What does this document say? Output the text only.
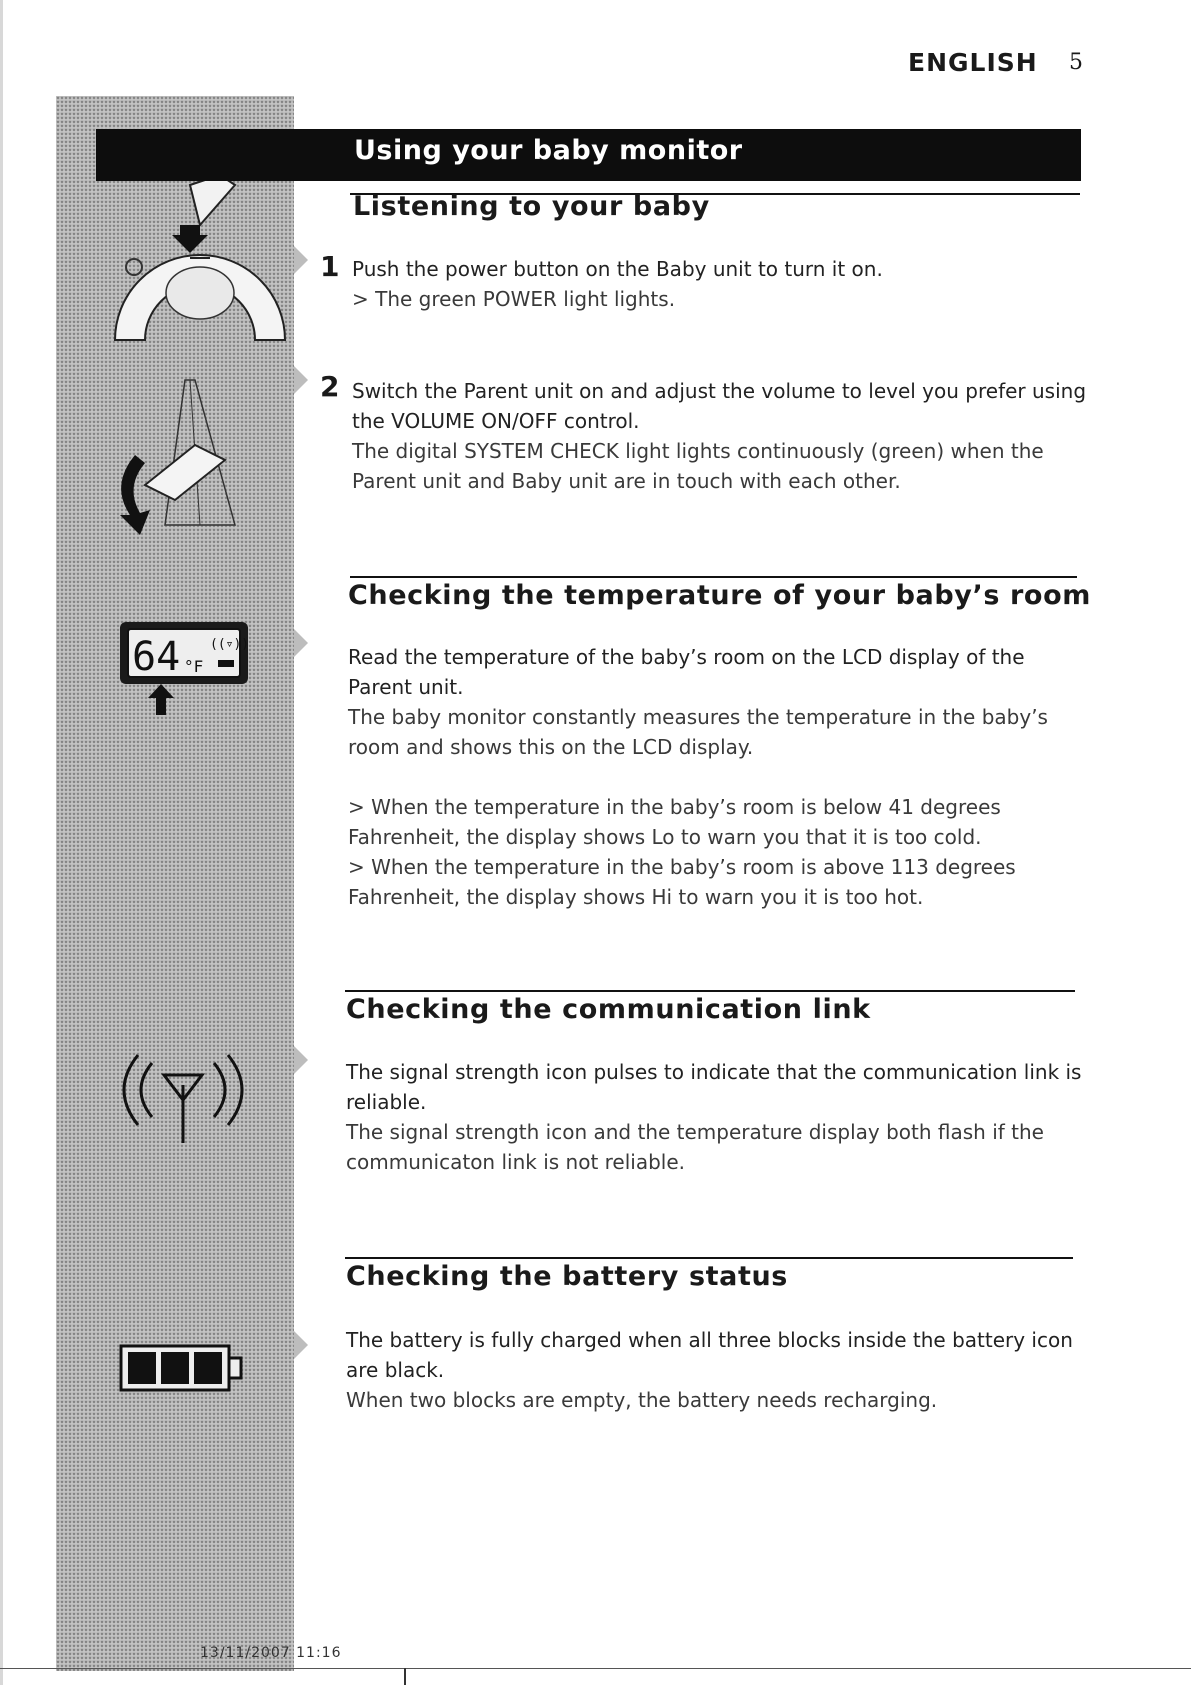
ENGLISH 5
64 °F
((▿))
Using your baby monitor
Listening to your baby
1 Push the power button on the Baby unit to turn it on.
> The green POWER light lights.
2 Switch the Parent unit on and adjust the volume to level you prefer using
the VOLUME ON/OFF control.
The digital SYSTEM CHECK light lights continuously (green) when the
Parent unit and Baby unit are in touch with each other.
Checking the temperature of your baby’s room
Read the temperature of the baby’s room on the LCD display of the
Parent unit.
The baby monitor constantly measures the temperature in the baby’s
room and shows this on the LCD display.
> When the temperature in the baby’s room is below 41 degrees
Fahrenheit, the display shows Lo to warn you that it is too cold.
> When the temperature in the baby’s room is above 113 degrees
Fahrenheit, the display shows Hi to warn you it is too hot.
Checking the communication link
The signal strength icon pulses to indicate that the communication link is
reliable.
The signal strength icon and the temperature display both flash if the
communicaton link is not reliable.
Checking the battery status
The battery is fully charged when all three blocks inside the battery icon
are black.
When two blocks are empty, the battery needs recharging.
13/11/2007 11:16
